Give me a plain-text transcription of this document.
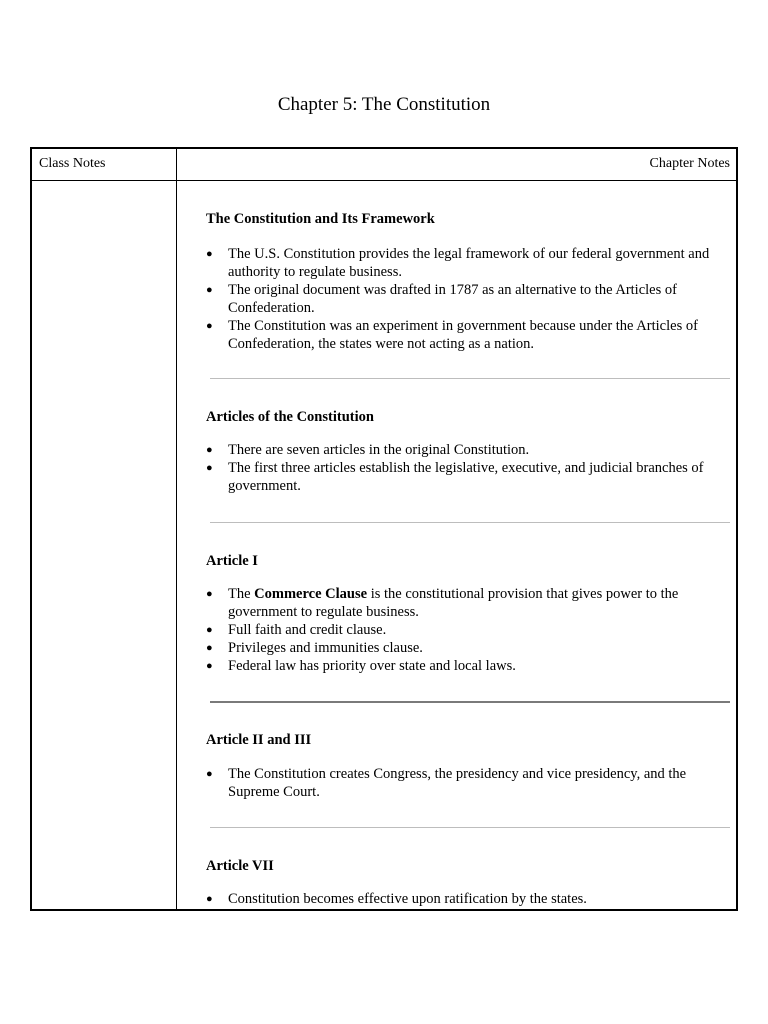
Chapter 5: The Constitution
Class Notes	Chapter Notes
The Constitution and Its Framework
● The U.S. Constitution provides the legal framework of our federal government and authority to regulate business.
● The original document was drafted in 1787 as an alternative to the Articles of Confederation.
● The Constitution was an experiment in government because under the Articles of Confederation, the states were not acting as a nation.
Articles of the Constitution
● There are seven articles in the original Constitution.
● The first three articles establish the legislative, executive, and judicial branches of government.
Article I
● The Commerce Clause is the constitutional provision that gives power to the government to regulate business.
● Full faith and credit clause.
● Privileges and immunities clause.
● Federal law has priority over state and local laws.
Article II and III
● The Constitution creates Congress, the presidency and vice presidency, and the Supreme Court.
Article VII
● Constitution becomes effective upon ratification by the states.
